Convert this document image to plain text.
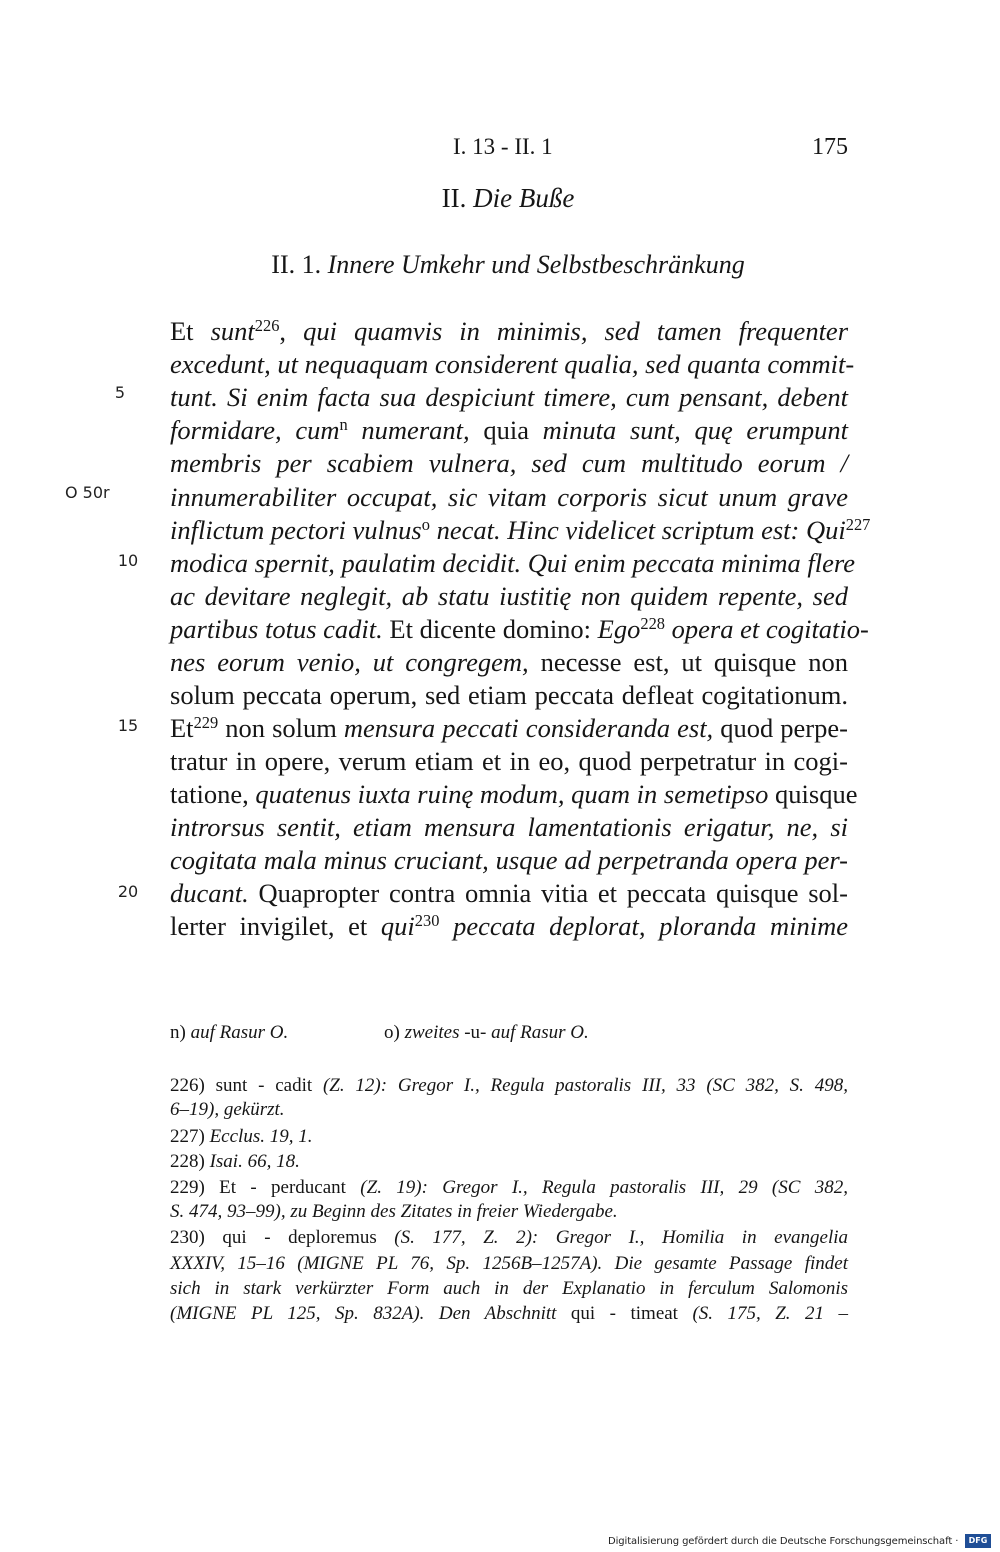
I. 13 - II. 1	175
II. Die Buße
II. 1. Innere Umkehr und Selbstbeschränkung
5
O 50r
10
15
20
Et sunt$^{226}$, qui quamvis in minimis, sed tamen frequenter
excedunt, ut nequaquam considerent qualia, sed quanta commit-
tunt. Si enim facta sua despiciunt timere, cum pensant, debent
formidare, cum$^n$ numerant, quia minuta sunt, quę erumpunt
membris per scabiem vulnera, sed cum multitudo eorum /
innumerabiliter occupat, sic vitam corporis sicut unum grave
inflictum pectori vulnus$^o$ necat. Hinc videlicet scriptum est: Qui$^{227}$
modica spernit, paulatim decidit. Qui enim peccata minima flere
ac devitare neglegit, ab statu iustitię non quidem repente, sed
partibus totus cadit. Et dicente domino: Ego$^{228}$ opera et cogitatio-
nes eorum venio, ut congregem, necesse est, ut quisque non
solum peccata operum, sed etiam peccata defleat cogitationum.
Et$^{229}$ non solum mensura peccati consideranda est, quod perpe-
tratur in opere, verum etiam et in eo, quod perpetratur in cogi-
tatione, quatenus iuxta ruinę modum, quam in semetipso quisque
introrsus sentit, etiam mensura lamentationis erigatur, ne, si
cogitata mala minus cruciant, usque ad perpetranda opera per-
ducant. Quapropter contra omnia vitia et peccata quisque sol-
lerter invigilet, et qui$^{230}$ peccata deplorat, ploranda minime
n) auf Rasur O.	o) zweites -u- auf Rasur O.
226) sunt - cadit (Z. 12): Gregor I., Regula pastoralis III, 33 (SC 382, S. 498,
6–19), gekürzt.
227) Ecclus. 19, 1.
228) Isai. 66, 18.
229) Et - perducant (Z. 19): Gregor I., Regula pastoralis III, 29 (SC 382,
S. 474, 93–99), zu Beginn des Zitates in freier Wiedergabe.
230) qui - deploremus (S. 177, Z. 2): Gregor I., Homilia in evangelia
XXXIV, 15–16 (MIGNE PL 76, Sp. 1256B–1257A). Die gesamte Passage findet
sich in stark verkürzter Form auch in der Explanatio in ferculum Salomonis
(MIGNE PL 125, Sp. 832A). Den Abschnitt qui - timeat (S. 175, Z. 21 –
Digitalisierung gefördert durch die Deutsche Forschungsgemeinschaft ·	DFG
